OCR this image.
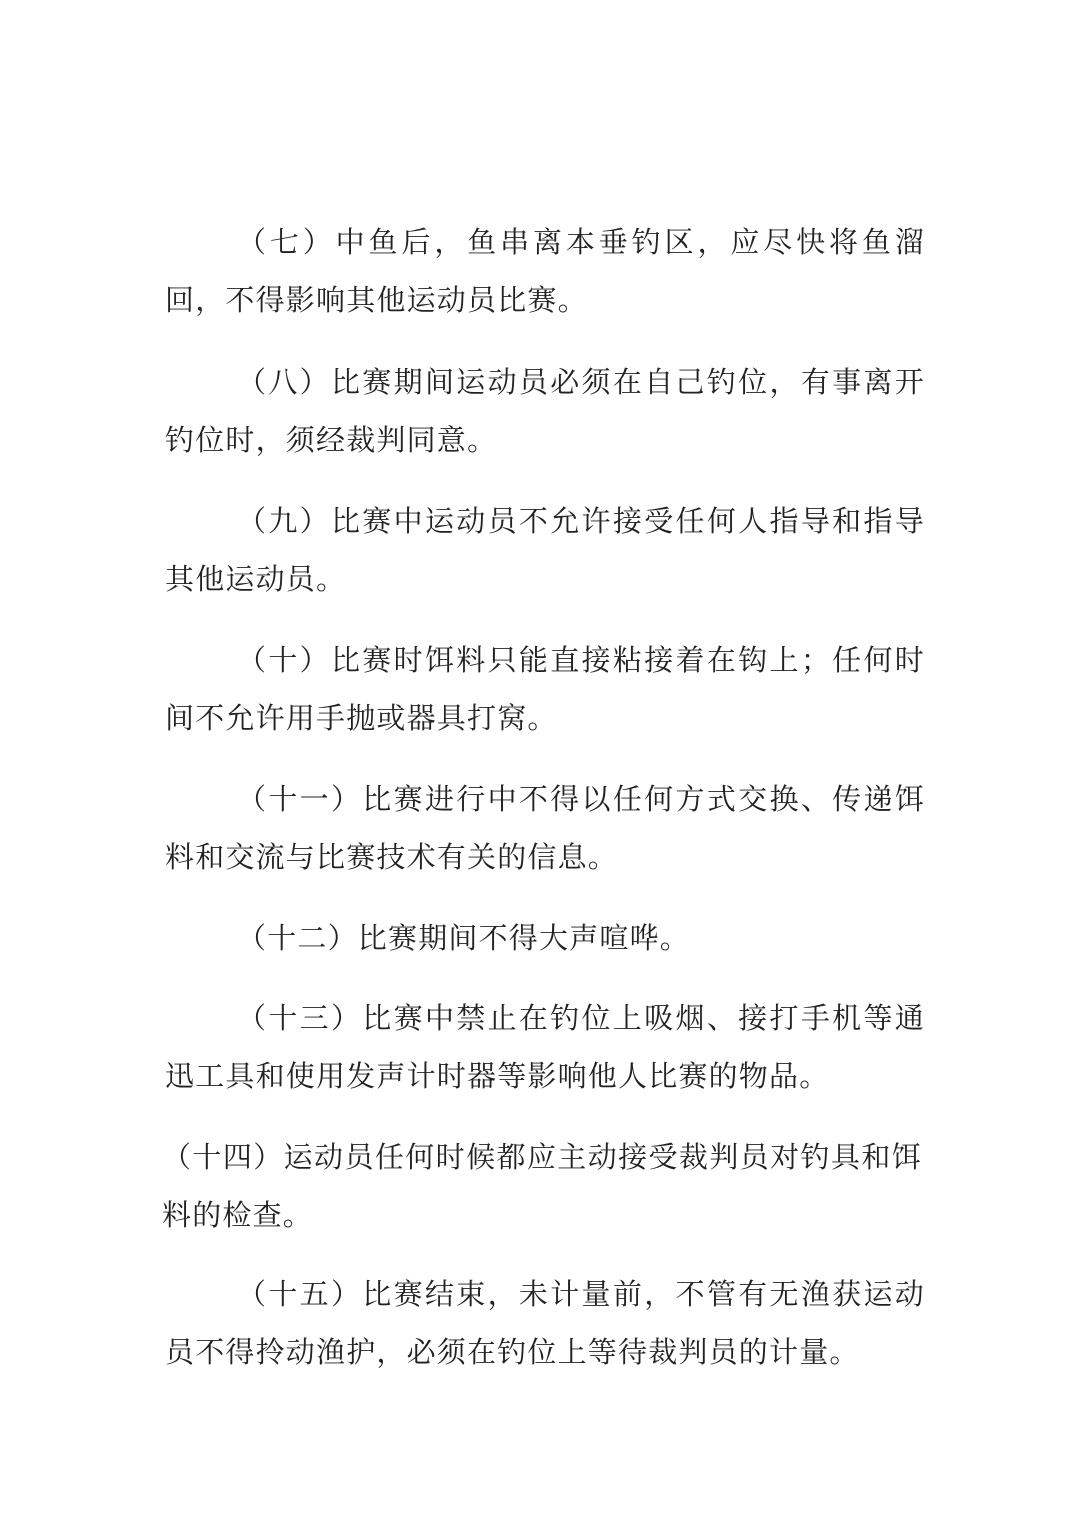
（七）中鱼后，鱼串离本垂钓区，应尽快将鱼溜回，不得影响其他运动员比赛。

（八）比赛期间运动员必须在自己钓位，有事离开钓位时，须经裁判同意。

（九）比赛中运动员不允许接受任何人指导和指导其他运动员。

（十）比赛时饵料只能直接粘接着在钩上；任何时间不允许用手抛或器具打窝。

（十一）比赛进行中不得以任何方式交换、传递饵料和交流与比赛技术有关的信息。

（十二）比赛期间不得大声喧哗。

（十三）比赛中禁止在钓位上吸烟、接打手机等通迅工具和使用发声计时器等影响他人比赛的物品。

（十四）运动员任何时候都应主动接受裁判员对钓具和饵料的检查。

（十五）比赛结束，未计量前，不管有无渔获运动员不得拎动渔护，必须在钓位上等待裁判员的计量。
